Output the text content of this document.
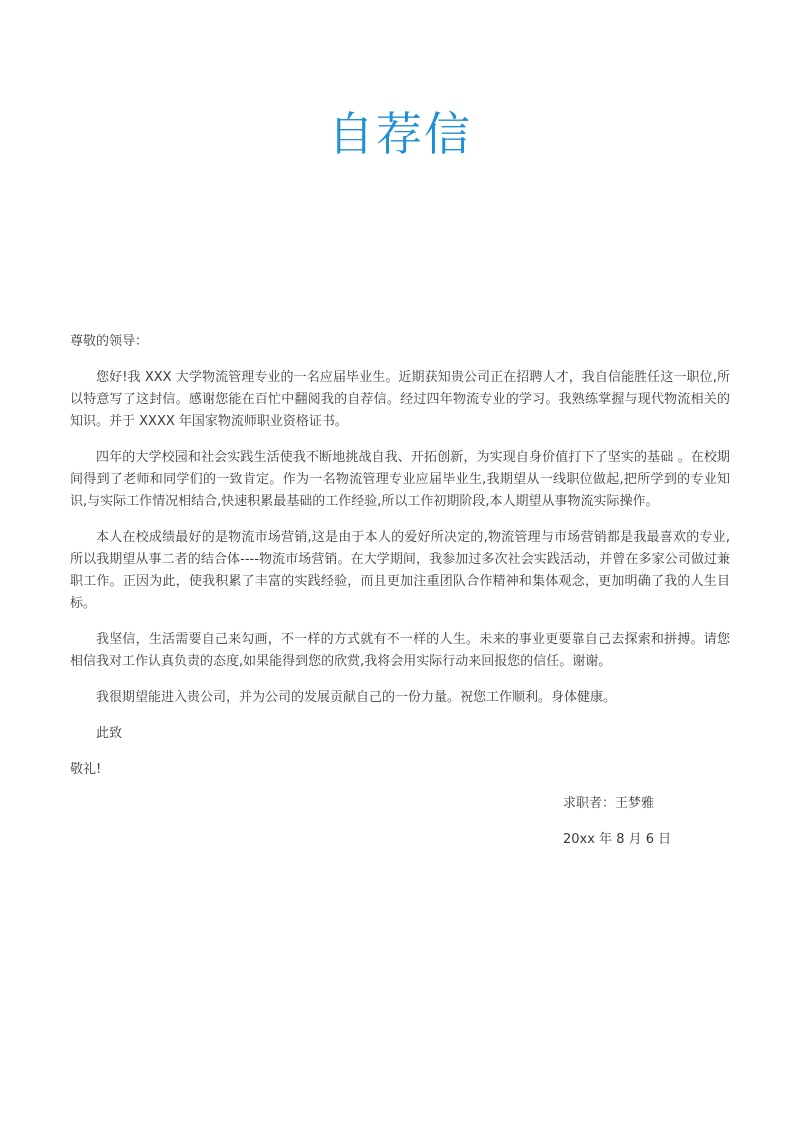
自荐信

尊敬的领导：

您好!我 XXX 大学物流管理专业的一名应届毕业生。近期获知贵公司正在招聘人才，我自信能胜任这一职位,所以特意写了这封信。感谢您能在百忙中翻阅我的自荐信。经过四年物流专业的学习。我熟练掌握与现代物流相关的知识。并于 XXXX 年国家物流师职业资格证书。

四年的大学校园和社会实践生活使我不断地挑战自我、开拓创新，为实现自身价值打下了坚实的基础 。在校期间得到了老师和同学们的一致肯定。作为一名物流管理专业应届毕业生,我期望从一线职位做起,把所学到的专业知识,与实际工作情况相结合,快速积累最基础的工作经验,所以工作初期阶段,本人期望从事物流实际操作。

本人在校成绩最好的是物流市场营销,这是由于本人的爱好所决定的,物流管理与市场营销都是我最喜欢的专业,所以我期望从事二者的结合体----物流市场营销。在大学期间，我参加过多次社会实践活动，并曾在多家公司做过兼职工作。正因为此，使我积累了丰富的实践经验，而且更加注重团队合作精神和集体观念，更加明确了我的人生目标。

我坚信，生活需要自己来勾画，不一样的方式就有不一样的人生。未来的事业更要靠自己去探索和拼搏。请您相信我对工作认真负责的态度,如果能得到您的欣赏,我将会用实际行动来回报您的信任。谢谢。

我很期望能进入贵公司，并为公司的发展贡献自己的一份力量。祝您工作顺利。身体健康。

此致

敬礼!

求职者：王梦雅

20xx 年 8 月 6 日
